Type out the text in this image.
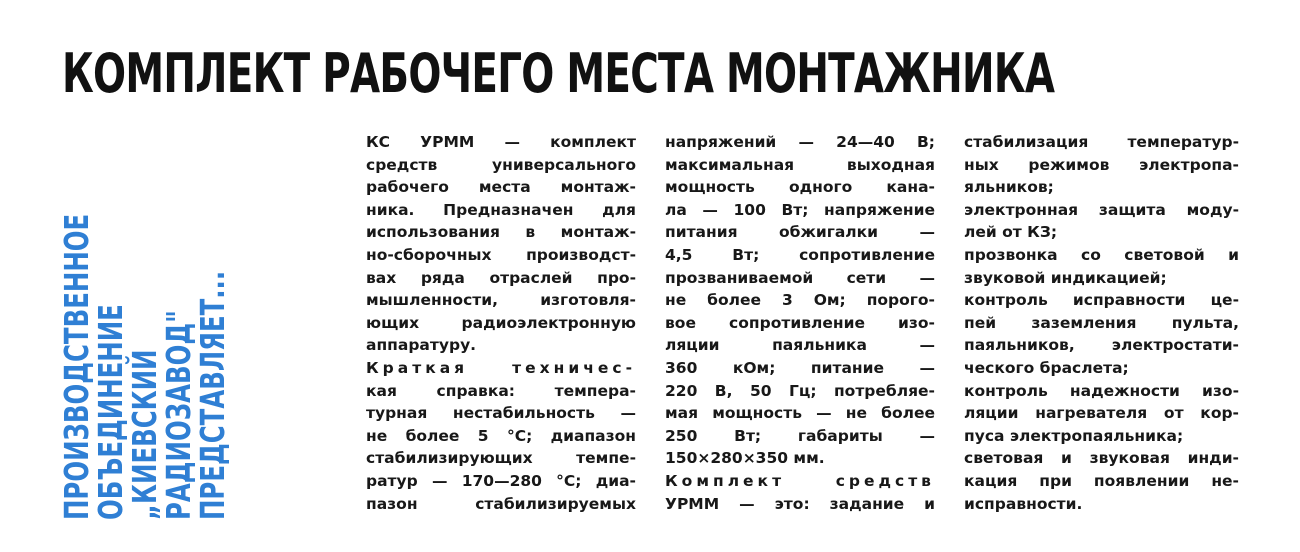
КОМПЛЕКТ РАБОЧЕГО МЕСТА МОНТАЖНИКА
ПРОИЗВОДСТВЕННОЕ
ОБЪЕДИНЕНИЕ
„КИЕВСКИЙ
РАДИОЗАВОД"
ПРЕДСТАВЛЯЕТ...
КС УРММ — комплект
средств универсального
рабочего места монтаж-
ника. Предназначен для
использования в монтаж-
но-сборочных производст-
вах ряда отраслей про-
мышленности, изготовля-
ющих радиоэлектронную
аппаратуру.
Краткая техничес-
кая справка: темпера-
турная нестабильность —
не более 5 °С; диапазон
стабилизирующих темпе-
ратур — 170—280 °С; диа-
пазон стабилизируемых
напряжений — 24—40 В;
максимальная выходная
мощность одного кана-
ла — 100 Вт; напряжение
питания обжигалки —
4,5 Вт; сопротивление
прозваниваемой сети —
не более 3 Ом; порого-
вое сопротивление изо-
ляции паяльника —
360 кОм; питание —
220 В, 50 Гц; потребляе-
мая мощность — не более
250 Вт; габариты —
150×280×350 мм.
Комплект средств
УРММ — это: задание и
стабилизация температур-
ных режимов электропа-
яльников;
электронная защита моду-
лей от КЗ;
прозвонка со световой и
звуковой индикацией;
контроль исправности це-
пей заземления пульта,
паяльников, электростати-
ческого браслета;
контроль надежности изо-
ляции нагревателя от кор-
пуса электропаяльника;
световая и звуковая инди-
кация при появлении не-
исправности.
